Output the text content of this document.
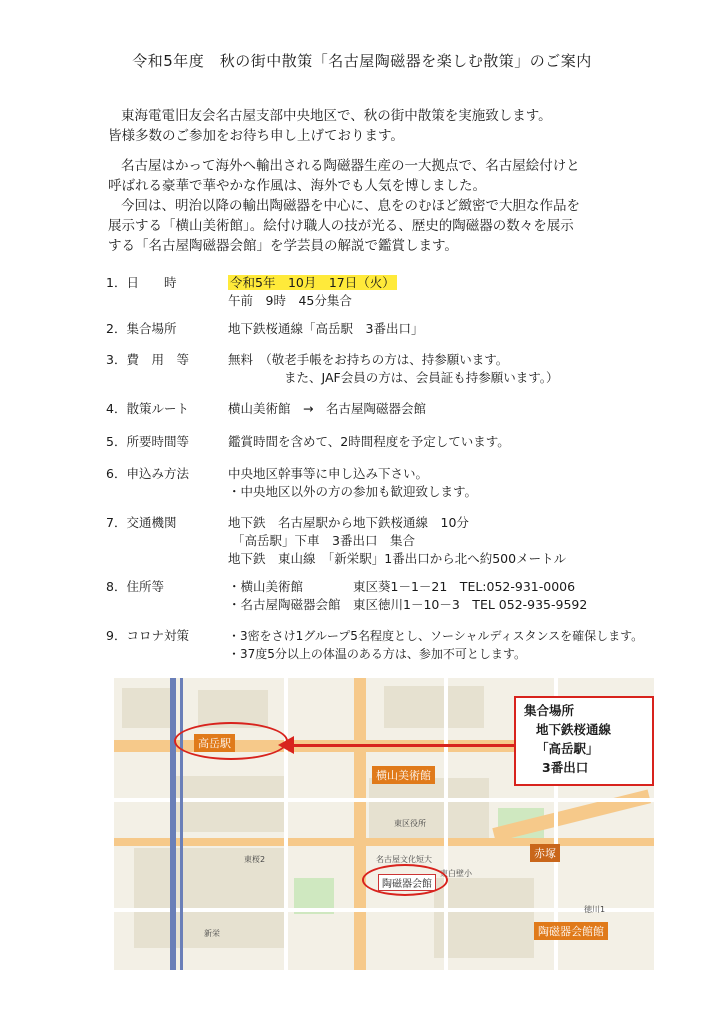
令和5年度　秋の街中散策「名古屋陶磁器を楽しむ散策」のご案内
東海電電旧友会名古屋支部中央地区で、秋の街中散策を実施致します。
皆様多数のご参加をお待ち申し上げております。
名古屋はかって海外へ輸出される陶磁器生産の一大拠点で、名古屋絵付けと
呼ばれる豪華で華やかな作風は、海外でも人気を博しました。
今回は、明治以降の輸出陶磁器を中心に、息をのむほど緻密で大胆な作品を
展示する「横山美術館」。絵付け職人の技が光る、歴史的陶磁器の数々を展示
する「名古屋陶磁器会館」を学芸員の解説で鑑賞します。
1．日　　時	令和5年　10月　17日（火）
午前　9時　45分集合
2．集合場所	地下鉄桜通線「高岳駅　3番出口」
3．費　用　等	無料　（敬老手帳をお持ちの方は、持参願います。
また、JAF会員の方は、会員証も持参願います。）
4．散策ルート	横山美術館　→　名古屋陶磁器会館
5．所要時間等	鑑賞時間を含めて、2時間程度を予定しています。
6．申込み方法	中央地区幹事等に申し込み下さい。
・中央地区以外の方の参加も歓迎致します。
7．交通機関	地下鉄　名古屋駅から地下鉄桜通線　10分
「高岳駅」下車　3番出口　集合
地下鉄　東山線　「新栄駅」1番出口から北へ約500メートル
8．住所等	・横山美術館　　　　東区葵1－1－21　TEL:052-931-0006
・名古屋陶磁器会館　東区徳川1－10－3　TEL 052-935-9592
9．コロナ対策	・3密をさけ1グループ5名程度とし、ソーシャルディスタンスを確保します。
・37度5分以上の体温のある方は、参加不可とします。
徳川1
東桜2
新栄
名古屋文化短大
東白壁小
東区役所
高岳駅
横山美術館
陶磁器会館
陶磁器会館館
赤塚
集合場所
地下鉄桜通線
「高岳駅」
3番出口
